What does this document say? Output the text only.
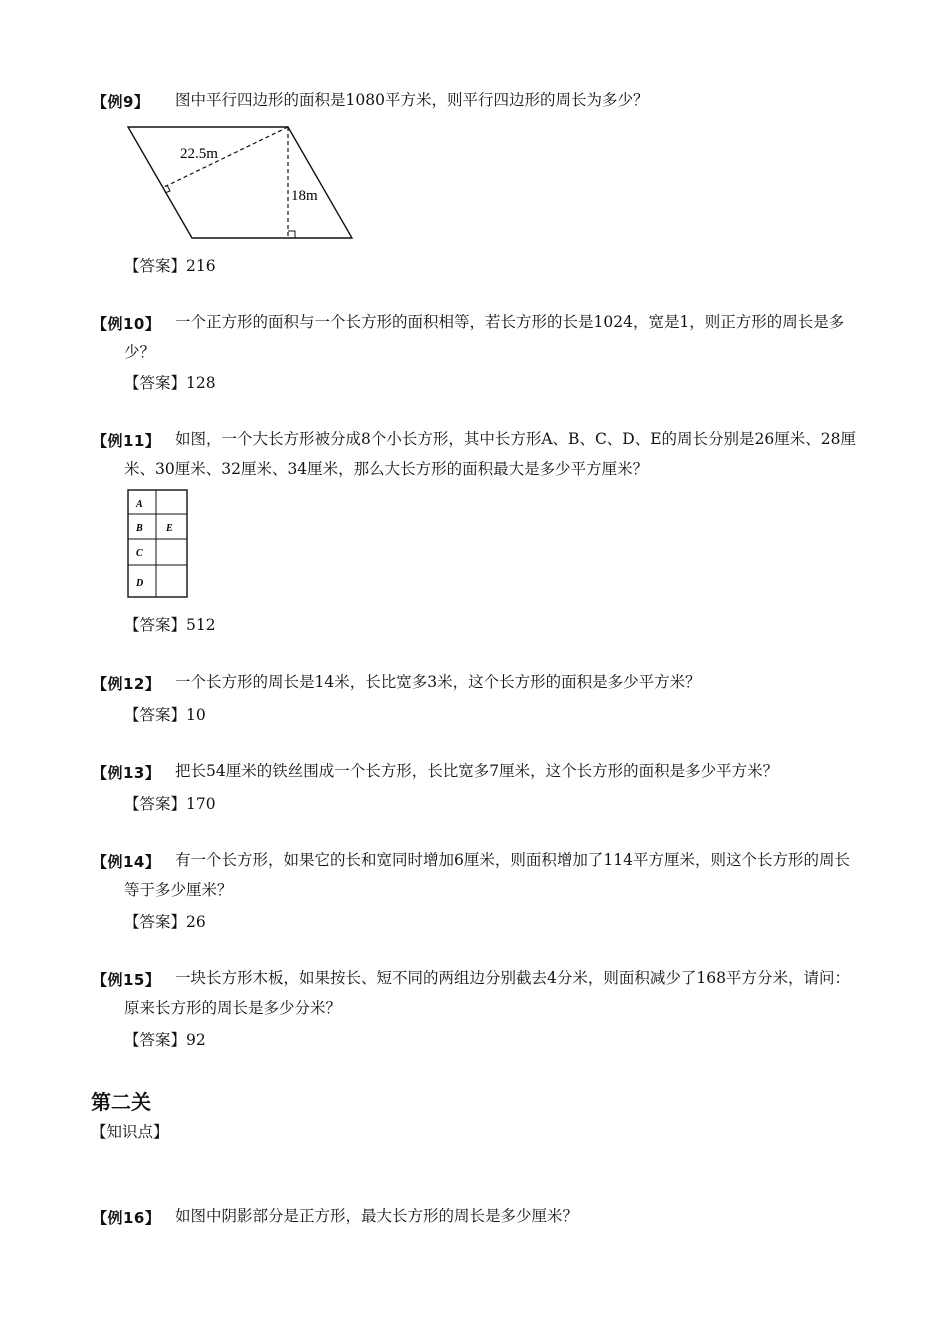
【例9】	图中平行四边形的面积是1080平方米，则平行四边形的周长为多少？
22.5m
18m
【答案】216
【例10】 一个正方形的面积与一个长方形的面积相等，若长方形的长是1024，宽是1，则正方形的周长是多少？
【答案】128
【例11】 如图，一个大长方形被分成8个小长方形，其中长方形A、B、C、D、E的周长分别是26厘米、28厘米、30厘米、32厘米、34厘米，那么大长方形的面积最大是多少平方厘米？
A
B E
C
D
【答案】512
【例12】 一个长方形的周长是14米，长比宽多3米，这个长方形的面积是多少平方米？
【答案】10
【例13】 把长54厘米的铁丝围成一个长方形，长比宽多7厘米，这个长方形的面积是多少平方米？
【答案】170
【例14】 有一个长方形，如果它的长和宽同时增加6厘米，则面积增加了114平方厘米，则这个长方形的周长等于多少厘米？
【答案】26
【例15】 一块长方形木板，如果按长、短不同的两组边分别截去4分米，则面积减少了168平方分米，请问：原来长方形的周长是多少分米？
【答案】92
第二关
【知识点】
【例16】 如图中阴影部分是正方形，最大长方形的周长是多少厘米？
